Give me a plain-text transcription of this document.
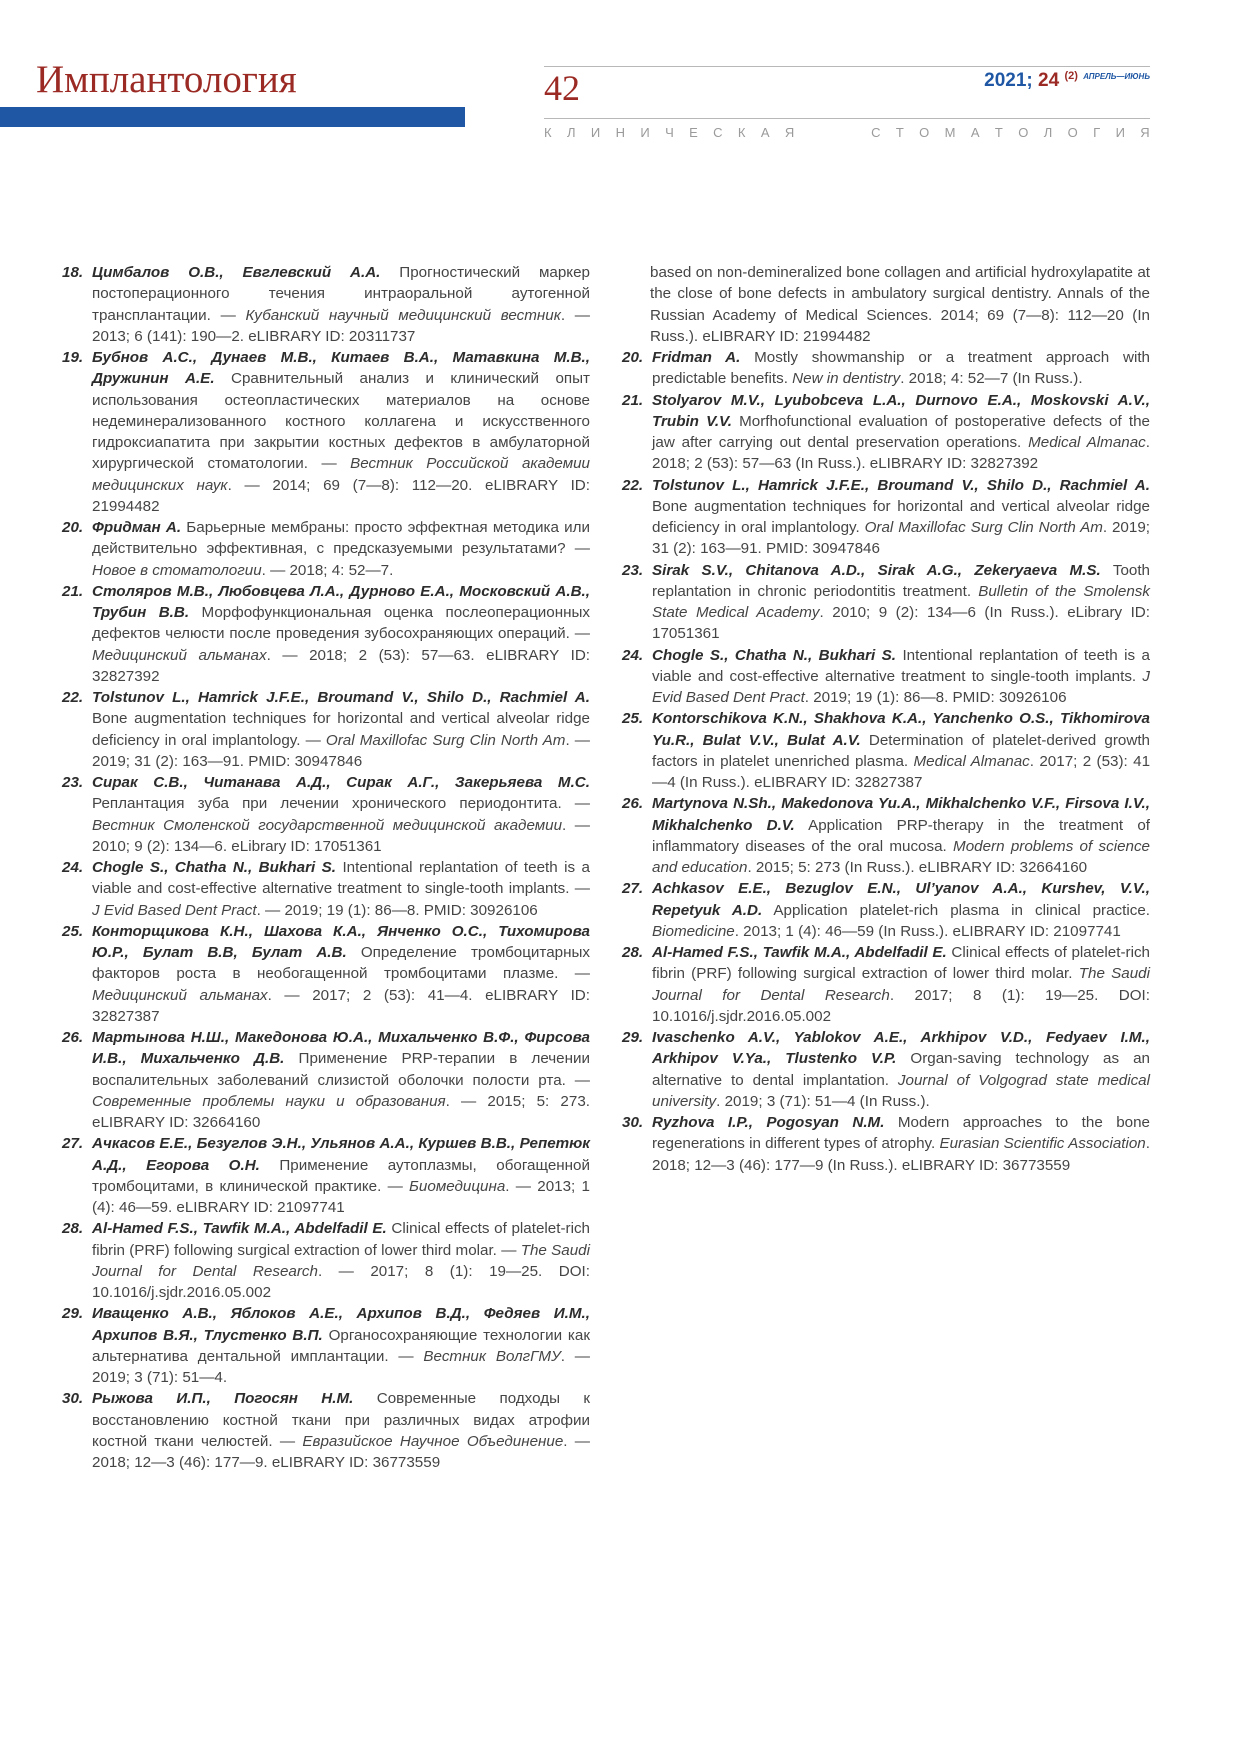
Имплантология	42	2021; 24 $^{(2)}$ $^{АПРЕЛЬ—ИЮНЬ}$
К Л И Н И Ч Е С К А Я	С Т О М А Т О Л О Г И Я

18. Цимбалов О.В., Евглевский А.А. Прогностический маркер постоперационного течения интраоральной аутогенной трансплантации. — Кубанский научный медицинский вестник. — 2013; 6 (141): 190—2. eLIBRARY ID: 20311737

19. Бубнов А.С., Дунаев М.В., Китаев В.А., Матавкина М.В., Дружинин А.Е. Сравнительный анализ и клинический опыт использования остеопластических материалов на основе недеминерализованного костного коллагена и искусственного гидроксиапатита при закрытии костных дефектов в амбулаторной хирургической стоматологии. — Вестник Российской академии медицинских наук. — 2014; 69 (7—8): 112—20. eLIBRARY ID: 21994482

20. Фридман А. Барьерные мембраны: просто эффектная методика или действительно эффективная, с предсказуемыми результатами? — Новое в стоматологии. — 2018; 4: 52—7.

21. Столяров М.В., Любовцева Л.А., Дурново Е.А., Московский А.В., Трубин В.В. Морфофункциональная оценка послеоперационных дефектов челюсти после проведения зубосохраняющих операций. — Медицинский альманах. — 2018; 2 (53): 57—63. eLIBRARY ID: 32827392

22. Tolstunov L., Hamrick J.F.E., Broumand V., Shilo D., Rachmiel A. Bone augmentation techniques for horizontal and vertical alveolar ridge deficiency in oral implantology. — Oral Maxillofac Surg Clin North Am. — 2019; 31 (2): 163—91. PMID: 30947846

23. Сирак С.В., Читанава А.Д., Сирак А.Г., Закерьяева М.С. Реплантация зуба при лечении хронического периодонтита. — Вестник Смоленской государственной медицинской академии. — 2010; 9 (2): 134—6. eLibrary ID: 17051361

24. Chogle S., Chatha N., Bukhari S. Intentional replantation of teeth is a viable and cost-effective alternative treatment to single-tooth implants. — J Evid Based Dent Pract. — 2019; 19 (1): 86—8. PMID: 30926106

25. Конторщикова К.Н., Шахова К.А., Янченко О.С., Тихомирова Ю.Р., Булат В.В, Булат А.В. Определение тромбоцитарных факторов роста в необогащенной тромбоцитами плазме. — Медицинский альманах. — 2017; 2 (53): 41—4. eLIBRARY ID: 32827387

26. Мартынова Н.Ш., Македонова Ю.А., Михальченко В.Ф., Фирсова И.В., Михальченко Д.В. Применение PRP-терапии в лечении воспалительных заболеваний слизистой оболочки полости рта. — Современные проблемы науки и образования. — 2015; 5: 273. eLIBRARY ID: 32664160

27. Ачкасов Е.Е., Безуглов Э.Н., Ульянов А.А., Куршев В.В., Репетюк А.Д., Егорова О.Н. Применение аутоплазмы, обогащенной тромбоцитами, в клинической практике. — Биомедицина. — 2013; 1 (4): 46—59. eLIBRARY ID: 21097741

28. Al-Hamed F.S., Tawfik M.A., Abdelfadil E. Clinical effects of platelet-rich fibrin (PRF) following surgical extraction of lower third molar. — The Saudi Journal for Dental Research. — 2017; 8 (1): 19—25. DOI: 10.1016/j.sjdr.2016.05.002

29. Иващенко А.В., Яблоков А.Е., Архипов В.Д., Федяев И.М., Архипов В.Я., Тлустенко В.П. Органосохраняющие технологии как альтернатива дентальной имплантации. — Вестник ВолгГМУ. — 2019; 3 (71): 51—4.

30. Рыжова И.П., Погосян Н.М. Современные подходы к восстановлению костной ткани при различных видах атрофии костной ткани челюстей. — Евразийское Научное Объединение. — 2018; 12—3 (46): 177—9. eLIBRARY ID: 36773559

based on non-demineralized bone collagen and artificial hydroxylapatite at the close of bone defects in ambulatory surgical dentistry. Annals of the Russian Academy of Medical Sciences. 2014; 69 (7—8): 112—20 (In Russ.). eLIBRARY ID: 21994482

20. Fridman A. Mostly showmanship or a treatment approach with predictable benefits. New in dentistry. 2018; 4: 52—7 (In Russ.).

21. Stolyarov M.V., Lyubobceva L.A., Durnovo E.A., Moskovski A.V., Trubin V.V. Morfhofunctional evaluation of postoperative defects of the jaw after carrying out dental preservation operations. Medical Almanac. 2018; 2 (53): 57—63 (In Russ.). eLIBRARY ID: 32827392

22. Tolstunov L., Hamrick J.F.E., Broumand V., Shilo D., Rachmiel A. Bone augmentation techniques for horizontal and vertical alveolar ridge deficiency in oral implantology. Oral Maxillofac Surg Clin North Am. 2019; 31 (2): 163—91. PMID: 30947846

23. Sirak S.V., Chitanova A.D., Sirak A.G., Zekeryaeva M.S. Tooth replantation in chronic periodontitis treatment. Bulletin of the Smolensk State Medical Academy. 2010; 9 (2): 134—6 (In Russ.). eLibrary ID: 17051361

24. Chogle S., Chatha N., Bukhari S. Intentional replantation of teeth is a viable and cost-effective alternative treatment to single-tooth implants. J Evid Based Dent Pract. 2019; 19 (1): 86—8. PMID: 30926106

25. Kontorschikova K.N., Shakhova K.A., Yanchenko O.S., Tikhomirova Yu.R., Bulat V.V., Bulat A.V. Determination of platelet-derived growth factors in platelet unenriched plasma. Medical Almanac. 2017; 2 (53): 41—4 (In Russ.). eLIBRARY ID: 32827387

26. Martynova N.Sh., Makedonova Yu.A., Mikhalchenko V.F., Firsova I.V., Mikhalchenko D.V. Application PRP-therapy in the treatment of inflammatory diseases of the oral mucosa. Modern problems of science and education. 2015; 5: 273 (In Russ.). eLIBRARY ID: 32664160

27. Achkasov E.E., Bezuglov E.N., Ul’yanov A.A., Kurshev, V.V., Repetyuk A.D. Application platelet-rich plasma in clinical practice. Biomedicine. 2013; 1 (4): 46—59 (In Russ.). eLIBRARY ID: 21097741

28. Al-Hamed F.S., Tawfik M.A., Abdelfadil E. Clinical effects of platelet-rich fibrin (PRF) following surgical extraction of lower third molar. The Saudi Journal for Dental Research. 2017; 8 (1): 19—25. DOI: 10.1016/j.sjdr.2016.05.002

29. Ivaschenko A.V., Yablokov A.E., Arkhipov V.D., Fedyaev I.M., Arkhipov V.Ya., Tlustenko V.P. Organ-saving technology as an alternative to dental implantation. Journal of Volgograd state medical university. 2019; 3 (71): 51—4 (In Russ.).

30. Ryzhova I.P., Pogosyan N.M. Modern approaches to the bone regenerations in different types of atrophy. Eurasian Scientific Association. 2018; 12—3 (46): 177—9 (In Russ.). eLIBRARY ID: 36773559
